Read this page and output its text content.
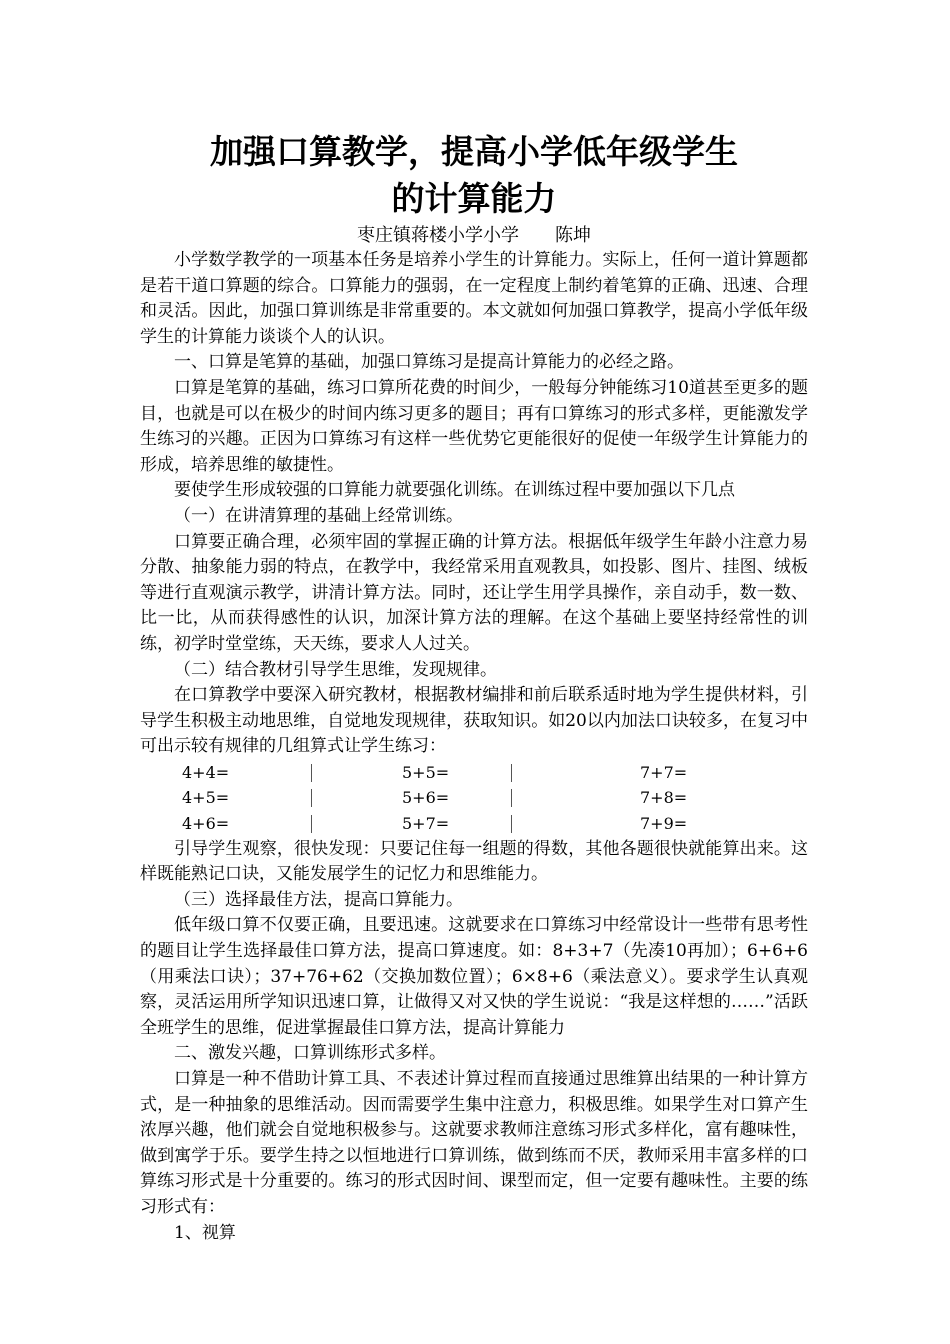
加强口算教学，提高小学低年级学生
的计算能力
枣庄镇蒋楼小学小学 陈坤

小学数学教学的一项基本任务是培养小学生的计算能力。实际上，任何一道计算题都是若干道口算题的综合。口算能力的强弱，在一定程度上制约着笔算的正确、迅速、合理和灵活。因此，加强口算训练是非常重要的。本文就如何加强口算教学，提高小学低年级学生的计算能力谈谈个人的认识。

一、口算是笔算的基础，加强口算练习是提高计算能力的必经之路。

口算是笔算的基础，练习口算所花费的时间少，一般每分钟能练习10道甚至更多的题目，也就是可以在极少的时间内练习更多的题目；再有口算练习的形式多样，更能激发学生练习的兴趣。正因为口算练习有这样一些优势它更能很好的促使一年级学生计算能力的形成，培养思维的敏捷性。

要使学生形成较强的口算能力就要强化训练。在训练过程中要加强以下几点

（一）在讲清算理的基础上经常训练。

口算要正确合理，必须牢固的掌握正确的计算方法。根据低年级学生年龄小注意力易分散、抽象能力弱的特点，在教学中，我经常采用直观教具，如投影、图片、挂图、绒板等进行直观演示教学，讲清计算方法。同时，还让学生用学具操作，亲自动手，数一数、比一比，从而获得感性的认识，加深计算方法的理解。在这个基础上要坚持经常性的训练，初学时堂堂练，天天练，要求人人过关。

（二）结合教材引导学生思维，发现规律。

在口算教学中要深入研究教材，根据教材编排和前后联系适时地为学生提供材料，引导学生积极主动地思维，自觉地发现规律，获取知识。如20以内加法口诀较多，在复习中可出示较有规律的几组算式让学生练习：

4+4=	5+5=	7+7=
4+5=	5+6=	7+8=
4+6=	5+7=	7+9=

引导学生观察，很快发现：只要记住每一组题的得数，其他各题很快就能算出来。这样既能熟记口诀，又能发展学生的记忆力和思维能力。

（三）选择最佳方法，提高口算能力。

低年级口算不仅要正确，且要迅速。这就要求在口算练习中经常设计一些带有思考性的题目让学生选择最佳口算方法，提高口算速度。如：8+3+7（先凑10再加）；6+6+6（用乘法口诀）；37+76+62（交换加数位置）；6×8+6（乘法意义）。要求学生认真观察，灵活运用所学知识迅速口算，让做得又对又快的学生说说：“我是这样想的……”活跃全班学生的思维，促进掌握最佳口算方法，提高计算能力

二、激发兴趣，口算训练形式多样。

口算是一种不借助计算工具、不表述计算过程而直接通过思维算出结果的一种计算方式，是一种抽象的思维活动。因而需要学生集中注意力，积极思维。如果学生对口算产生浓厚兴趣，他们就会自觉地积极参与。这就要求教师注意练习形式多样化，富有趣味性，做到寓学于乐。要学生持之以恒地进行口算训练，做到练而不厌，教师采用丰富多样的口算练习形式是十分重要的。练习的形式因时间、课型而定，但一定要有趣味性。主要的练习形式有：

1、视算
